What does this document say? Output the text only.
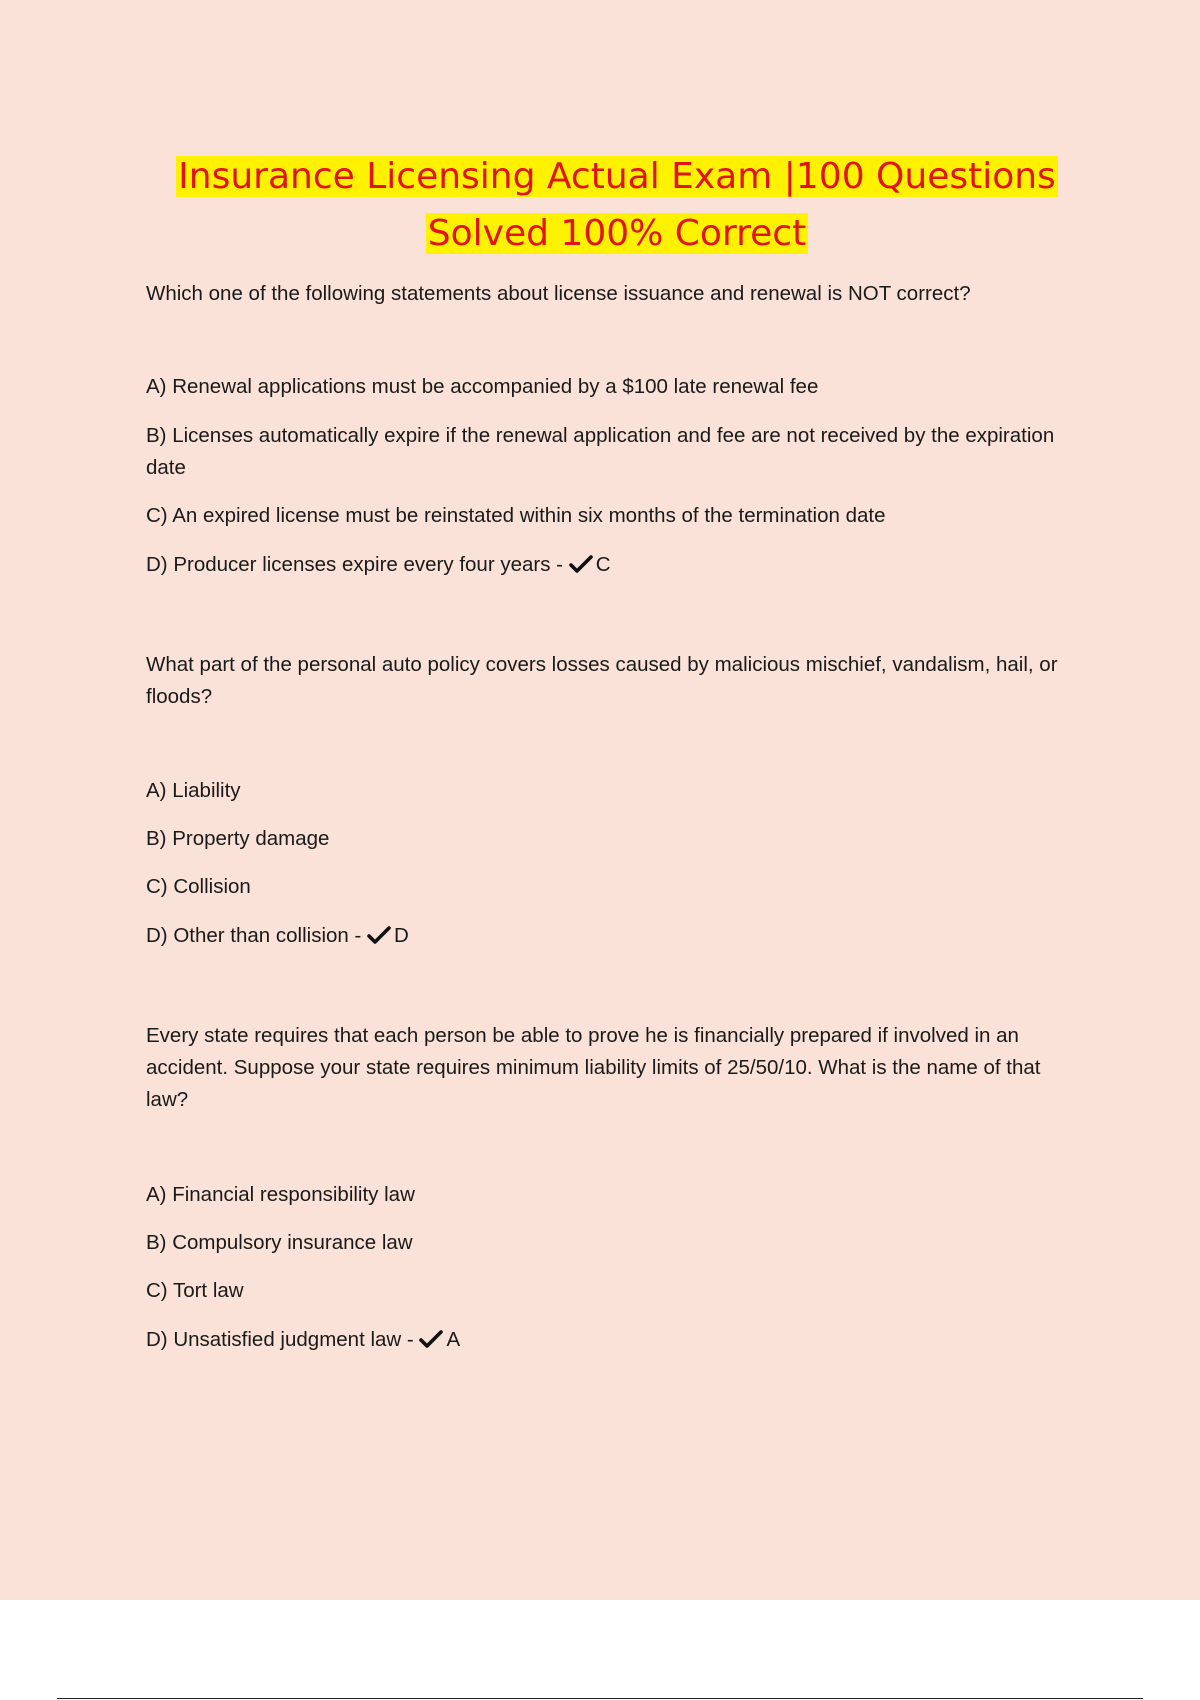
Insurance Licensing Actual Exam |100 Questions
Solved 100% Correct

Which one of the following statements about license issuance and renewal is NOT correct?

A) Renewal applications must be accompanied by a $100 late renewal fee
B) Licenses automatically expire if the renewal application and fee are not received by the expiration date
C) An expired license must be reinstated within six months of the termination date
D) Producer licenses expire every four years - C

What part of the personal auto policy covers losses caused by malicious mischief, vandalism, hail, or floods?

A) Liability
B) Property damage
C) Collision
D) Other than collision - D

Every state requires that each person be able to prove he is financially prepared if involved in an accident. Suppose your state requires minimum liability limits of 25/50/10. What is the name of that law?

A) Financial responsibility law
B) Compulsory insurance law
C) Tort law
D) Unsatisfied judgment law - A
